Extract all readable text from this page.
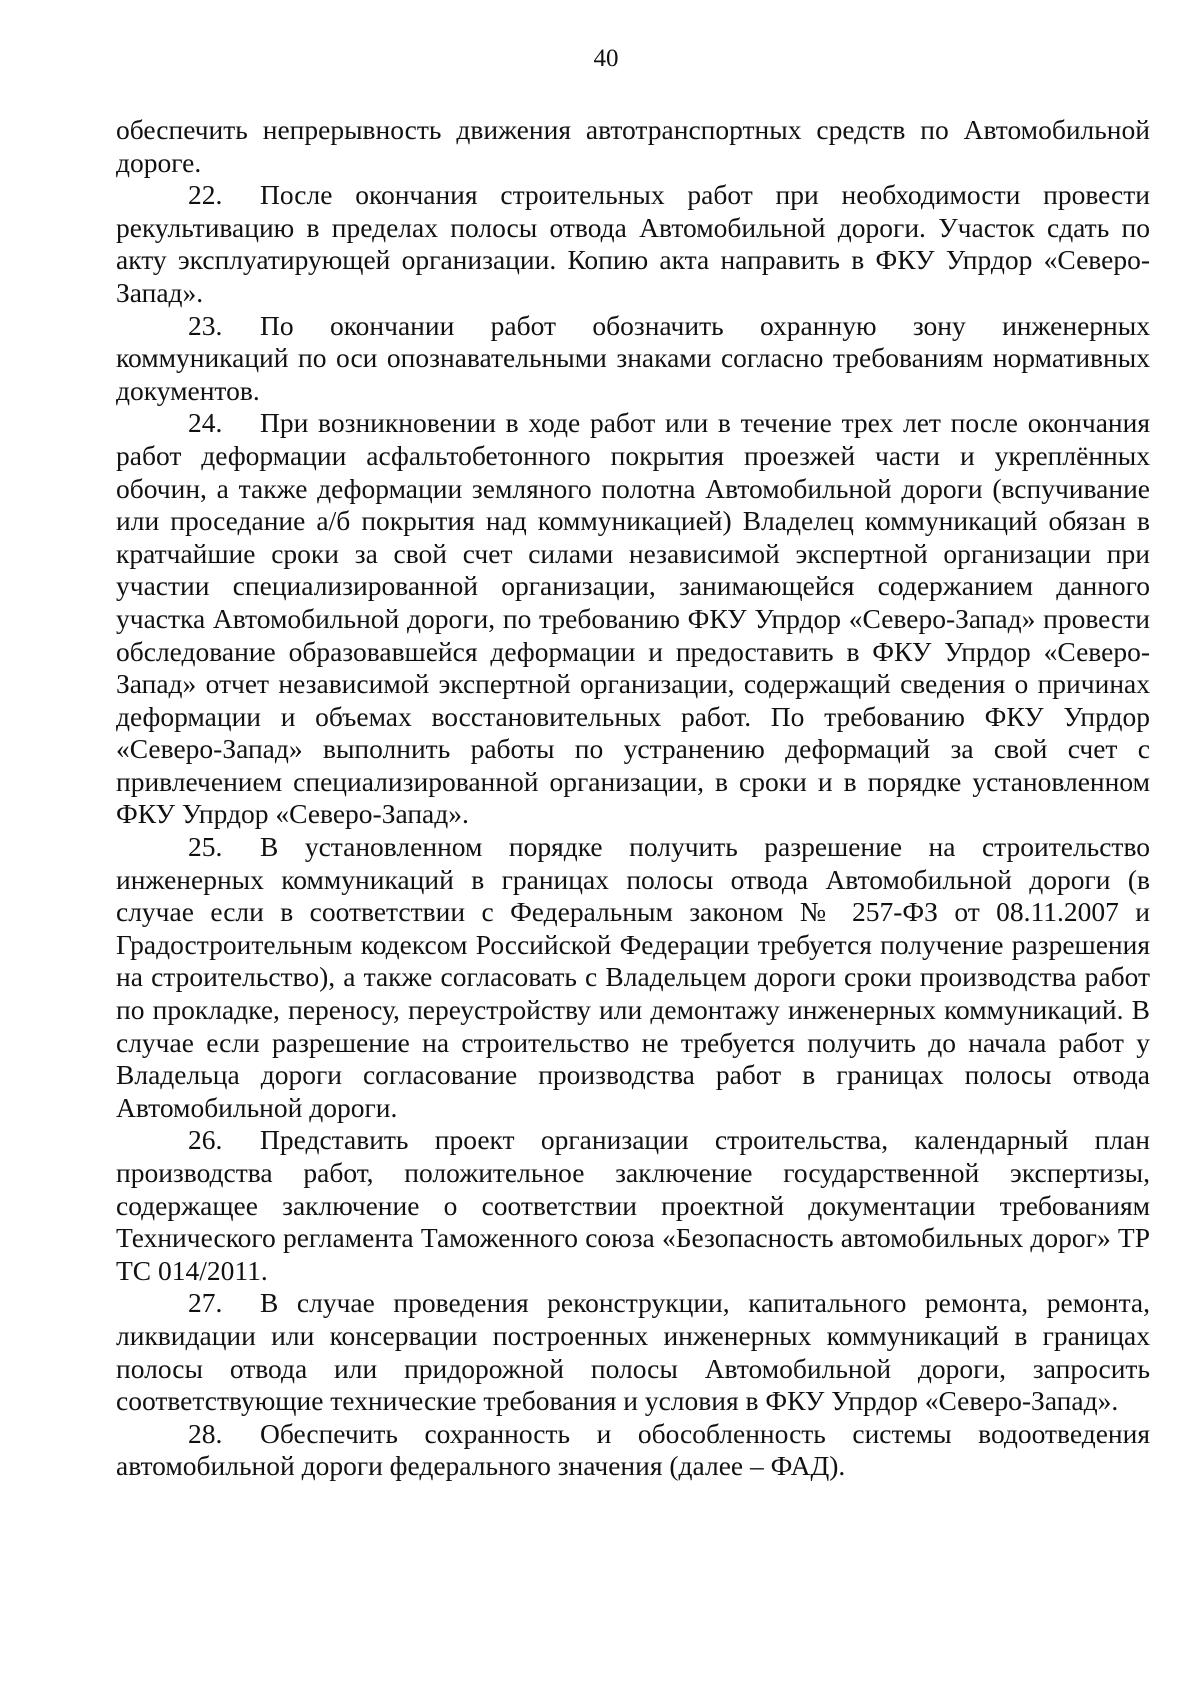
40

обеспечить непрерывность движения автотранспортных средств по Автомобильной дороге.

22. После окончания строительных работ при необходимости провести рекультивацию в пределах полосы отвода Автомобильной дороги. Участок сдать по акту эксплуатирующей организации. Копию акта направить в ФКУ Упрдор «Северо-Запад».

23. По окончании работ обозначить охранную зону инженерных коммуникаций по оси опознавательными знаками согласно требованиям нормативных документов.

24. При возникновении в ходе работ или в течение трех лет после окончания работ деформации асфальтобетонного покрытия проезжей части и укреплённых обочин, а также деформации земляного полотна Автомобильной дороги (вспучивание или проседание а/б покрытия над коммуникацией) Владелец коммуникаций обязан в кратчайшие сроки за свой счет силами независимой экспертной организации при участии специализированной организации, занимающейся содержанием данного участка Автомобильной дороги, по требованию ФКУ Упрдор «Северо-Запад» провести обследование образовавшейся деформации и предоставить в ФКУ Упрдор «Северо-Запад» отчет независимой экспертной организации, содержащий сведения о причинах деформации и объемах восстановительных работ. По требованию ФКУ Упрдор «Северо-Запад» выполнить работы по устранению деформаций за свой счет с привлечением специализированной организации, в сроки и в порядке установленном ФКУ Упрдор «Северо-Запад».

25. В установленном порядке получить разрешение на строительство инженерных коммуникаций в границах полосы отвода Автомобильной дороги (в случае если в соответствии с Федеральным законом № 257-ФЗ от 08.11.2007 и Градостроительным кодексом Российской Федерации требуется получение разрешения на строительство), а также согласовать с Владельцем дороги сроки производства работ по прокладке, переносу, переустройству или демонтажу инженерных коммуникаций. В случае если разрешение на строительство не требуется получить до начала работ у Владельца дороги согласование производства работ в границах полосы отвода Автомобильной дороги.

26. Представить проект организации строительства, календарный план производства работ, положительное заключение государственной экспертизы, содержащее заключение о соответствии проектной документации требованиям Технического регламента Таможенного союза «Безопасность автомобильных дорог» ТР ТС 014/2011.

27. В случае проведения реконструкции, капитального ремонта, ремонта, ликвидации или консервации построенных инженерных коммуникаций в границах полосы отвода или придорожной полосы Автомобильной дороги, запросить соответствующие технические требования и условия в ФКУ Упрдор «Северо-Запад».

28. Обеспечить сохранность и обособленность системы водоотведения автомобильной дороги федерального значения (далее – ФАД).
